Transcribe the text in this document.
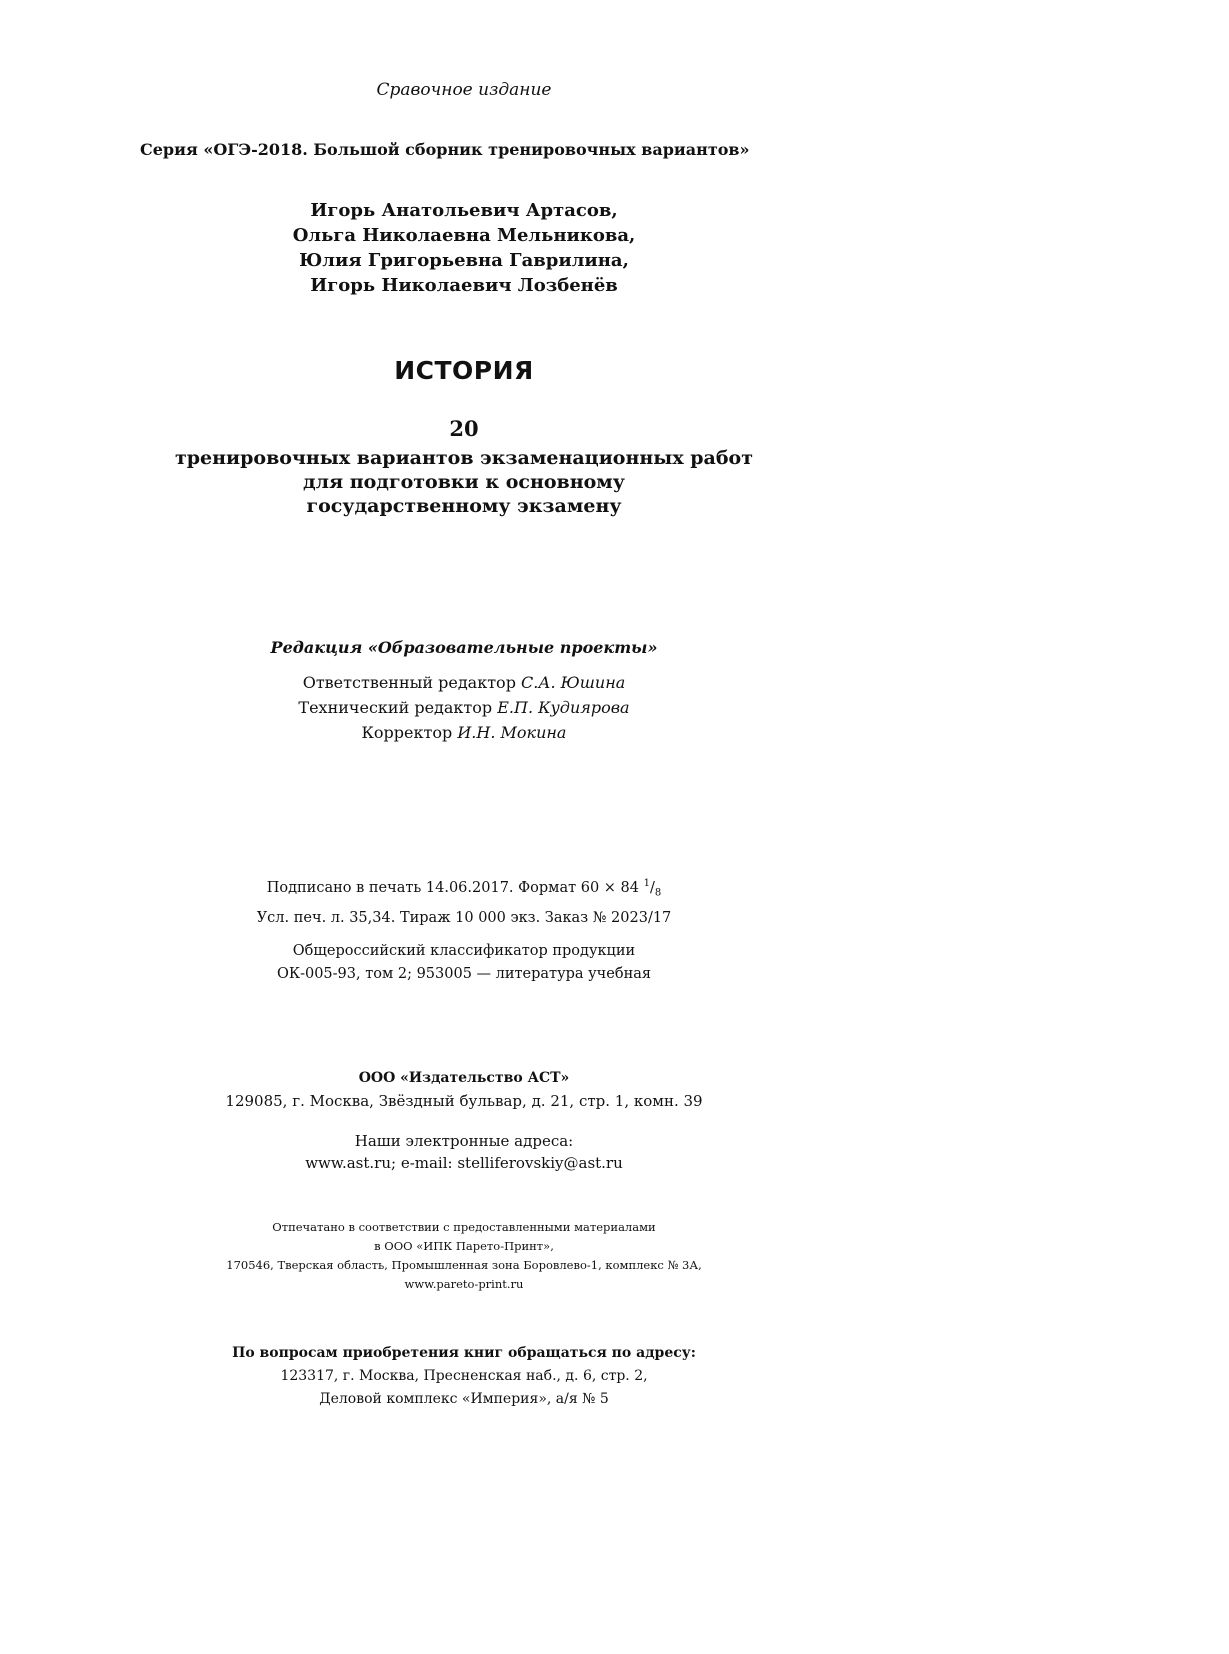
Сравочное издание

Серия «ОГЭ-2018. Большой сборник тренировочных вариантов»

Игорь Анатольевич Артасов,
Ольга Николаевна Мельникова,
Юлия Григорьевна Гаврилина,
Игорь Николаевич Лозбенёв

ИСТОРИЯ

20

тренировочных вариантов экзаменационных работ
для подготовки к основному
государственному экзамену

Редакция «Образовательные проекты»

Ответственный редактор С.А. Юшина
Технический редактор Е.П. Кудиярова
Корректор И.Н. Мокина
Подписано в печать 14.06.2017. Формат 60 × 84 $^1/_8$
Усл. печ. л. 35,34. Тираж 10 000 экз. Заказ № 2023/17
Общероссийский классификатор продукции
ОК-005-93, том 2; 953005 — литература учебная

ООО «Издательство АСТ»

129085, г. Москва, Звёздный бульвар, д. 21, стр. 1, комн. 39

Наши электронные адреса:
www.ast.ru; e-mail: stelliferovskiy@ast.ru
Отпечатано в соответствии с предоставленными материалами
в ООО «ИПК Парето-Принт»,
170546, Тверская область, Промышленная зона Боровлево-1, комплекс № 3А,
www.pareto-print.ru
По вопросам приобретения книг обращаться по адресу:
123317, г. Москва, Пресненская наб., д. 6, стр. 2,
Деловой комплекс «Империя», а/я № 5
